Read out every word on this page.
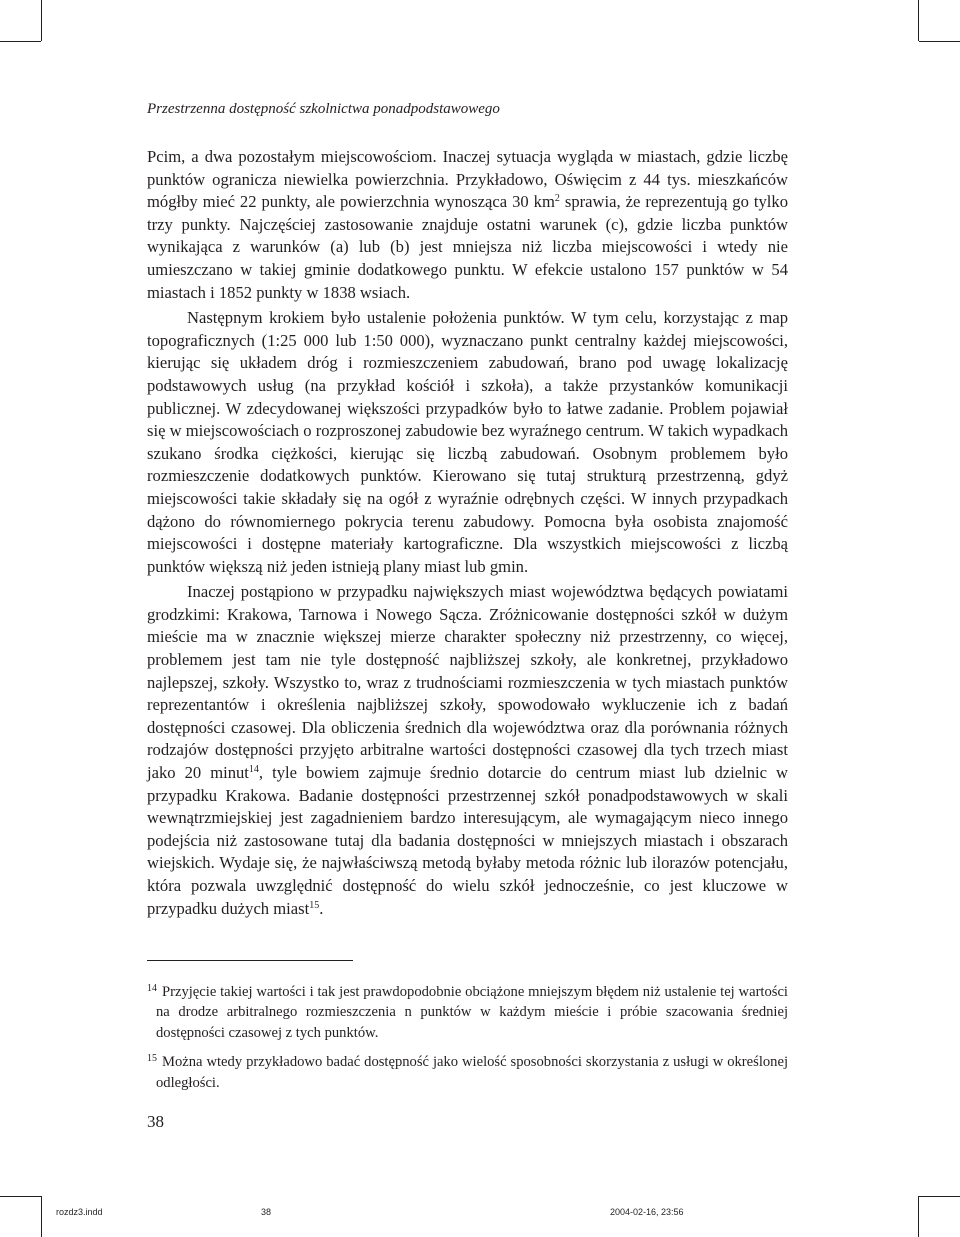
Przestrzenna dostępność szkolnictwa ponadpodstawowego

Pcim, a dwa pozostałym miejscowościom. Inaczej sytuacja wygląda w miastach, gdzie liczbę punktów ogranicza niewielka powierzchnia. Przykładowo, Oświęcim z 44 tys. mieszkańców mógłby mieć 22 punkty, ale powierzchnia wynosząca 30 $km^2$ sprawia, że reprezentują go tylko trzy punkty. Najczęściej zastosowanie znajduje ostatni warunek (c), gdzie liczba punktów wynikająca z warunków (a) lub (b) jest mniejsza niż liczba miejscowości i wtedy nie umieszczano w takiej gminie dodatkowego punktu. W efekcie ustalono 157 punktów w 54 miastach i 1852 punkty w 1838 wsiach.

Następnym krokiem było ustalenie położenia punktów. W tym celu, korzystając z map topograficznych (1:25 000 lub 1:50 000), wyznaczano punkt centralny każdej miejscowości, kierując się układem dróg i rozmieszczeniem zabudowań, brano pod uwagę lokalizację podstawowych usług (na przykład kościół i szkoła), a także przystanków komunikacji publicznej. W zdecydowanej większości przypadków było to łatwe zadanie. Problem pojawiał się w miejscowościach o rozproszonej zabudowie bez wyraźnego centrum. W takich wypadkach szukano środka ciężkości, kierując się liczbą zabudowań. Osobnym problemem było rozmieszczenie dodatkowych punktów. Kierowano się tutaj strukturą przestrzenną, gdyż miejscowości takie składały się na ogół z wyraźnie odrębnych części. W innych przypadkach dążono do równomiernego pokrycia terenu zabudowy. Pomocna była osobista znajomość miejscowości i dostępne materiały kartograficzne. Dla wszystkich miejscowości z liczbą punktów większą niż jeden istnieją plany miast lub gmin.

Inaczej postąpiono w przypadku największych miast województwa będących powiatami grodzkimi: Krakowa, Tarnowa i Nowego Sącza. Zróżnicowanie dostępności szkół w dużym mieście ma w znacznie większej mierze charakter społeczny niż przestrzenny, co więcej, problemem jest tam nie tyle dostępność najbliższej szkoły, ale konkretnej, przykładowo najlepszej, szkoły. Wszystko to, wraz z trudnościami rozmieszczenia w tych miastach punktów reprezentantów i określenia najbliższej szkoły, spowodowało wykluczenie ich z badań dostępności czasowej. Dla obliczenia średnich dla województwa oraz dla porównania różnych rodzajów dostępności przyjęto arbitralne wartości dostępności czasowej dla tych trzech miast jako 20 minut$^{14}$, tyle bowiem zajmuje średnio dotarcie do centrum miast lub dzielnic w przypadku Krakowa. Badanie dostępności przestrzennej szkół ponadpodstawowych w skali wewnątrzmiejskiej jest zagadnieniem bardzo interesującym, ale wymagającym nieco innego podejścia niż zastosowane tutaj dla badania dostępności w mniejszych miastach i obszarach wiejskich. Wydaje się, że najwłaściwszą metodą byłaby metoda różnic lub ilorazów potencjału, która pozwala uwzględnić dostępność do wielu szkół jednocześnie, co jest kluczowe w przypadku dużych miast$^{15}$.

$^{14}$ Przyjęcie takiej wartości i tak jest prawdopodobnie obciążone mniejszym błędem niż ustalenie tej wartości na drodze arbitralnego rozmieszczenia n punktów w każdym mieście i próbie szacowania średniej dostępności czasowej z tych punktów.

$^{15}$ Można wtedy przykładowo badać dostępność jako wielość sposobności skorzystania z usługi w określonej odległości.

38
rozdz3.indd	38	2004-02-16, 23:56
